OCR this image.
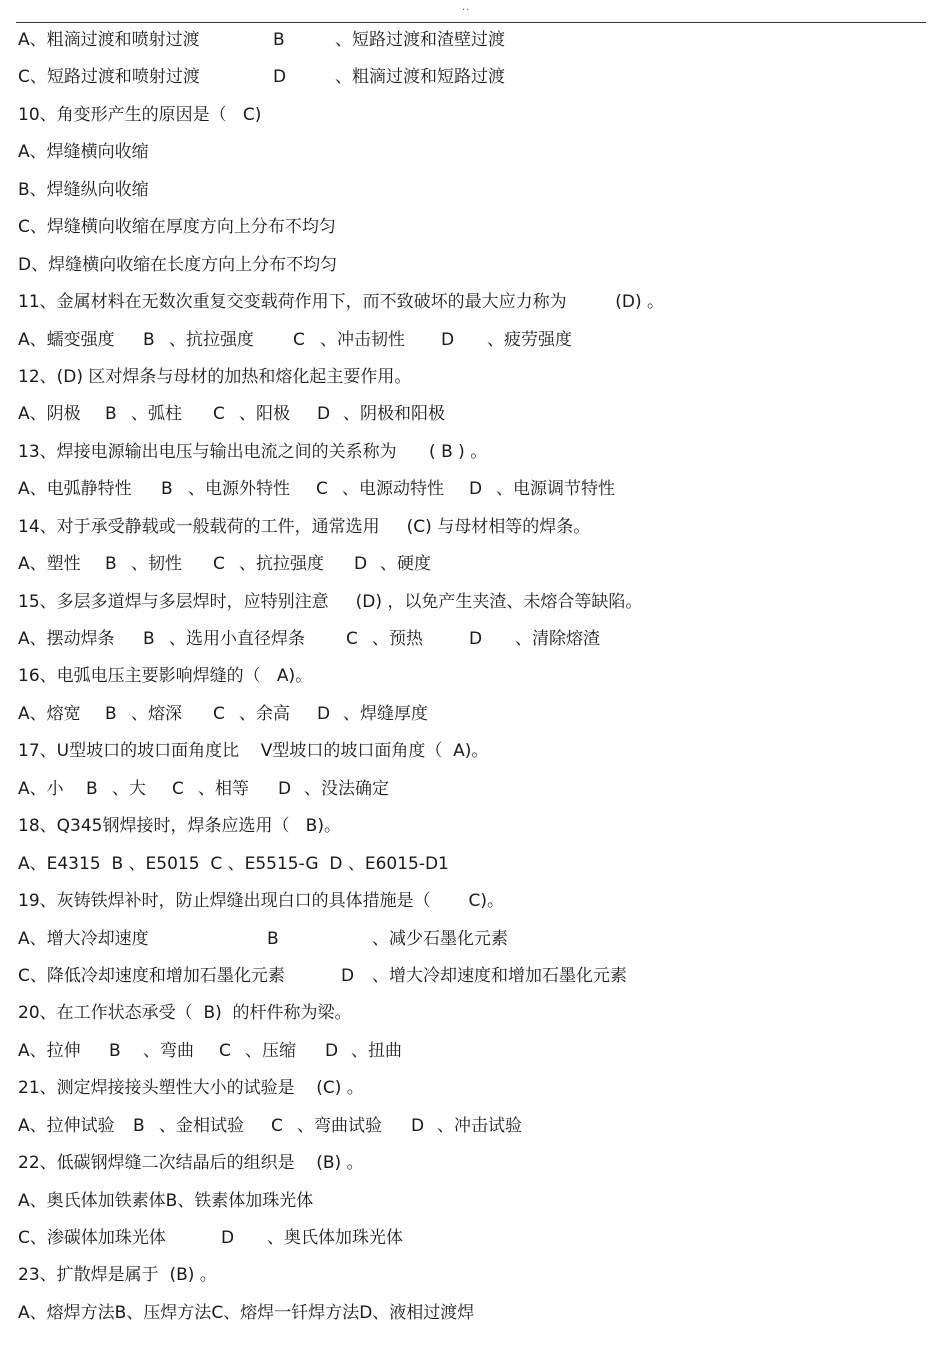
..
A、粗滴过渡和喷射过渡	B	、短路过渡和渣壁过渡
C、短路过渡和喷射过渡	D	、粗滴过渡和短路过渡
10、角变形产生的原因是（   C)
A、焊缝横向收缩
B、焊缝纵向收缩
C、焊缝横向收缩在厚度方向上分布不均匀
D、焊缝横向收缩在长度方向上分布不均匀
11、金属材料在无数次重复交变载荷作用下，而不致破坏的最大应力称为         (D) 。
A、蠕变强度 B 、抗拉强度 C 、冲击韧性 D 、疲劳强度
12、(D) 区对焊条与母材的加热和熔化起主要作用。
A、阴极 B 、弧柱 C 、阳极 D 、阴极和阳极
13、焊接电源输出电压与输出电流之间的关系称为      ( B ) 。
A、电弧静特性 B 、电源外特性 C 、电源动特性 D 、电源调节特性
14、对于承受静载或一般载荷的工件，通常选用     (C) 与母材相等的焊条。
A、塑性 B 、韧性 C 、抗拉强度 D 、硬度
15、多层多道焊与多层焊时，应特别注意     (D) ，以免产生夹渣、未熔合等缺陷。
A、摆动焊条 B 、选用小直径焊条 C 、预热	D 、清除熔渣
16、电弧电压主要影响焊缝的（   A)。
A、熔宽 B 、熔深 C 、余高 D 、焊缝厚度
17、U型坡口的坡口面角度比    V型坡口的坡口面角度（  A)。
A、小 B 、大 C 、相等 D 、没法确定
18、Q345钢焊接时，焊条应选用（   B)。
A、E4315  B 、E5015  C 、E5515-G  D 、E6015-D1
19、灰铸铁焊补时，防止焊缝出现白口的具体措施是（       C)。
A、增大冷却速度	B	、减少石墨化元素
C、降低冷却速度和增加石墨化元素	D 、增大冷却速度和增加石墨化元素
20、在工作状态承受（  B)  的杆件称为梁。
A、拉伸 B 、弯曲 C 、压缩 D 、扭曲
21、测定焊接接头塑性大小的试验是    (C) 。
A、拉伸试验 B 、金相试验 C 、弯曲试验 D 、冲击试验
22、低碳钢焊缝二次结晶后的组织是    (B) 。
A、奥氏体加铁素体B、铁素体加珠光体
C、渗碳体加珠光体	D 、奥氏体加珠光体
23、扩散焊是属于  (B) 。
A、熔焊方法B、压焊方法C、熔焊一钎焊方法D、液相过渡焊
